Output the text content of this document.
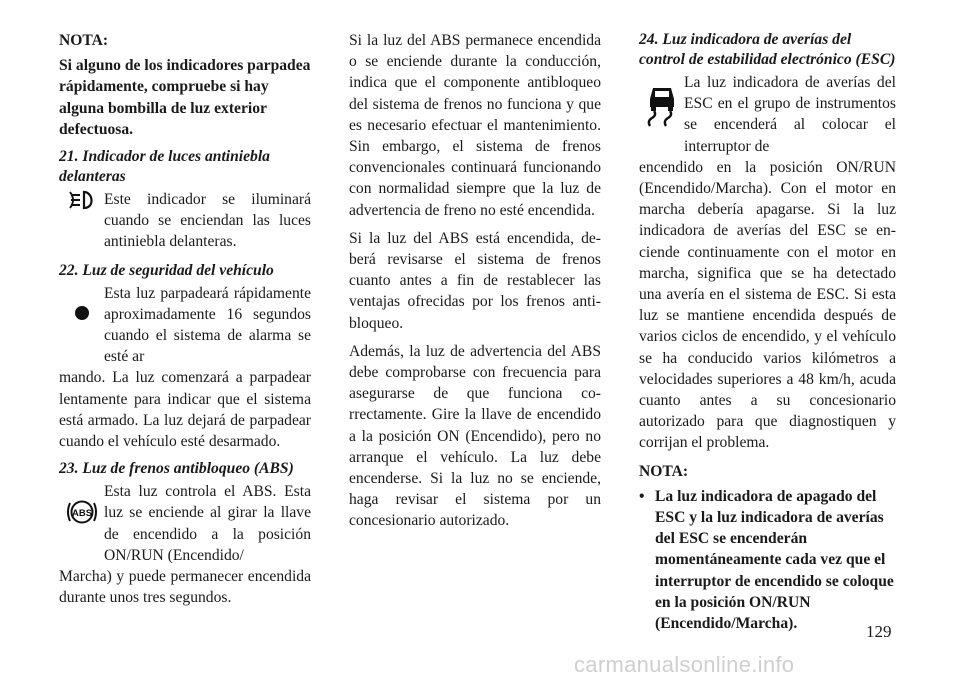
NOTA:

Si alguno de los indicadores parpadea rápidamente, compruebe si hay alguna bombilla de luz exterior defectuosa.

21. Indicador de luces antiniebla delanteras
Este indicador se iluminará cuando se enciendan las luces antiniebla delanteras.
22. Luz de seguridad del vehículo
Esta luz parpadeará rápidamente aproximadamente 16 segundos cuando el sistema de alarma se esté ar

mando. La luz comenzará a parpadear lentamente para indicar que el sistema está armado. La luz dejará de parpadear cuando el vehículo esté desarmado.

23. Luz de frenos antibloqueo (ABS)
ABS
Esta luz controla el ABS. Esta luz se enciende al girar la llave de encendido a la posición ON/RUN (Encendido/

Marcha) y puede permanecer encendida durante unos tres segundos.

Si la luz del ABS permanece encendida o se enciende durante la conducción, indica que el componente antibloqueo del sistema de frenos no funciona y que es necesario efectuar el mantenimiento. Sin embargo, el sistema de frenos convencionales continuará funcionando con normalidad siempre que la luz de advertencia de freno no esté encendida.

Si la luz del ABS está encendida, deberá revisarse el sistema de frenos cuanto antes a fin de restablecer las ventajas ofrecidas por los frenos antibloqueo.

Además, la luz de advertencia del ABS debe comprobarse con frecuencia para asegurarse de que funciona correctamente. Gire la llave de encendido a la posición ON (Encendido), pero no arranque el vehículo. La luz debe encenderse. Si la luz no se enciende, haga revisar el sistema por un concesionario autorizado.

24. Luz indicadora de averías del control de estabilidad electrónico (ESC)
La luz indicadora de averías del ESC en el grupo de instrumentos se encenderá al colocar el interruptor de

encendido en la posición ON/RUN (Encendido/Marcha). Con el motor en marcha debería apagarse. Si la luz indicadora de averías del ESC se enciende continuamente con el motor en marcha, significa que se ha detectado una avería en el sistema de ESC. Si esta luz se mantiene encendida después de varios ciclos de encendido, y el vehículo se ha conducido varios kilómetros a velocidades superiores a 48 km/h, acuda cuanto antes a su concesionario autorizado para que diagnostiquen y corrijan el problema.

NOTA:

• La luz indicadora de apagado del ESC y la luz indicadora de averías del ESC se encenderán momentáneamente cada vez que el interruptor de encendido se coloque en la posición ON/RUN (Encendido/Marcha).	129
carmanualsonline.info
